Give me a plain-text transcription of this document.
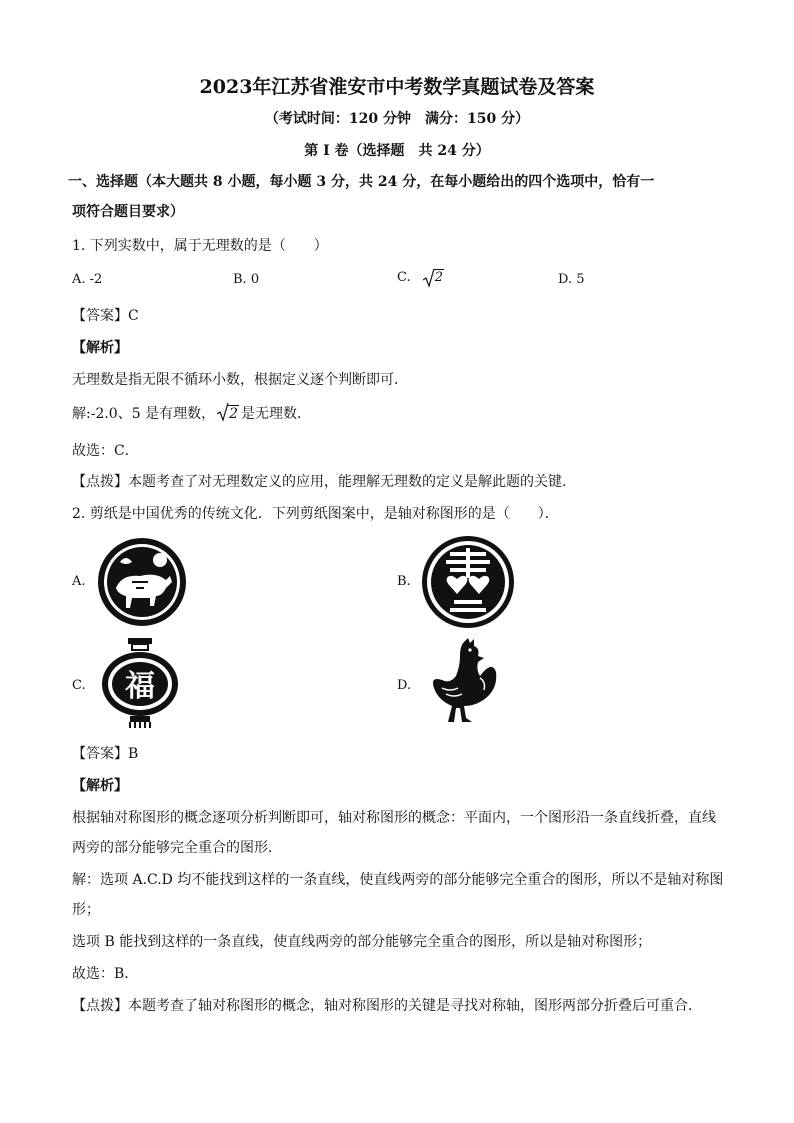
2023年江苏省淮安市中考数学真题试卷及答案
（考试时间：120 分钟　满分：150 分）
第 I 卷（选择题　共 24 分）
一、选择题（本大题共 8 小题，每小题 3 分，共 24 分，在每小题给出的四个选项中，恰有一
项符合题目要求）
1. 下列实数中，属于无理数的是（　　）
A. -2	B. 0	C. 2	D. 5
【答案】C
【解析】
无理数是指无限不循环小数，根据定义逐个判断即可．
解:-2.0、5 是有理数， 2 是无理数．
故选：C．
【点拨】本题考查了对无理数定义的应用，能理解无理数的定义是解此题的关键.
2. 剪纸是中国优秀的传统文化．下列剪纸图案中，是轴对称图形的是（　　）．
A.	B.
C.	D.
福
【答案】B
【解析】
根据轴对称图形的概念逐项分析判断即可，轴对称图形的概念：平面内，一个图形沿一条直线折叠，直线
两旁的部分能够完全重合的图形．
解：选项 A.C.D 均不能找到这样的一条直线，使直线两旁的部分能够完全重合的图形，所以不是轴对称图
形；
选项 B 能找到这样的一条直线，使直线两旁的部分能够完全重合的图形，所以是轴对称图形；
故选：B．
【点拨】本题考查了轴对称图形的概念，轴对称图形的关键是寻找对称轴，图形两部分折叠后可重合．
